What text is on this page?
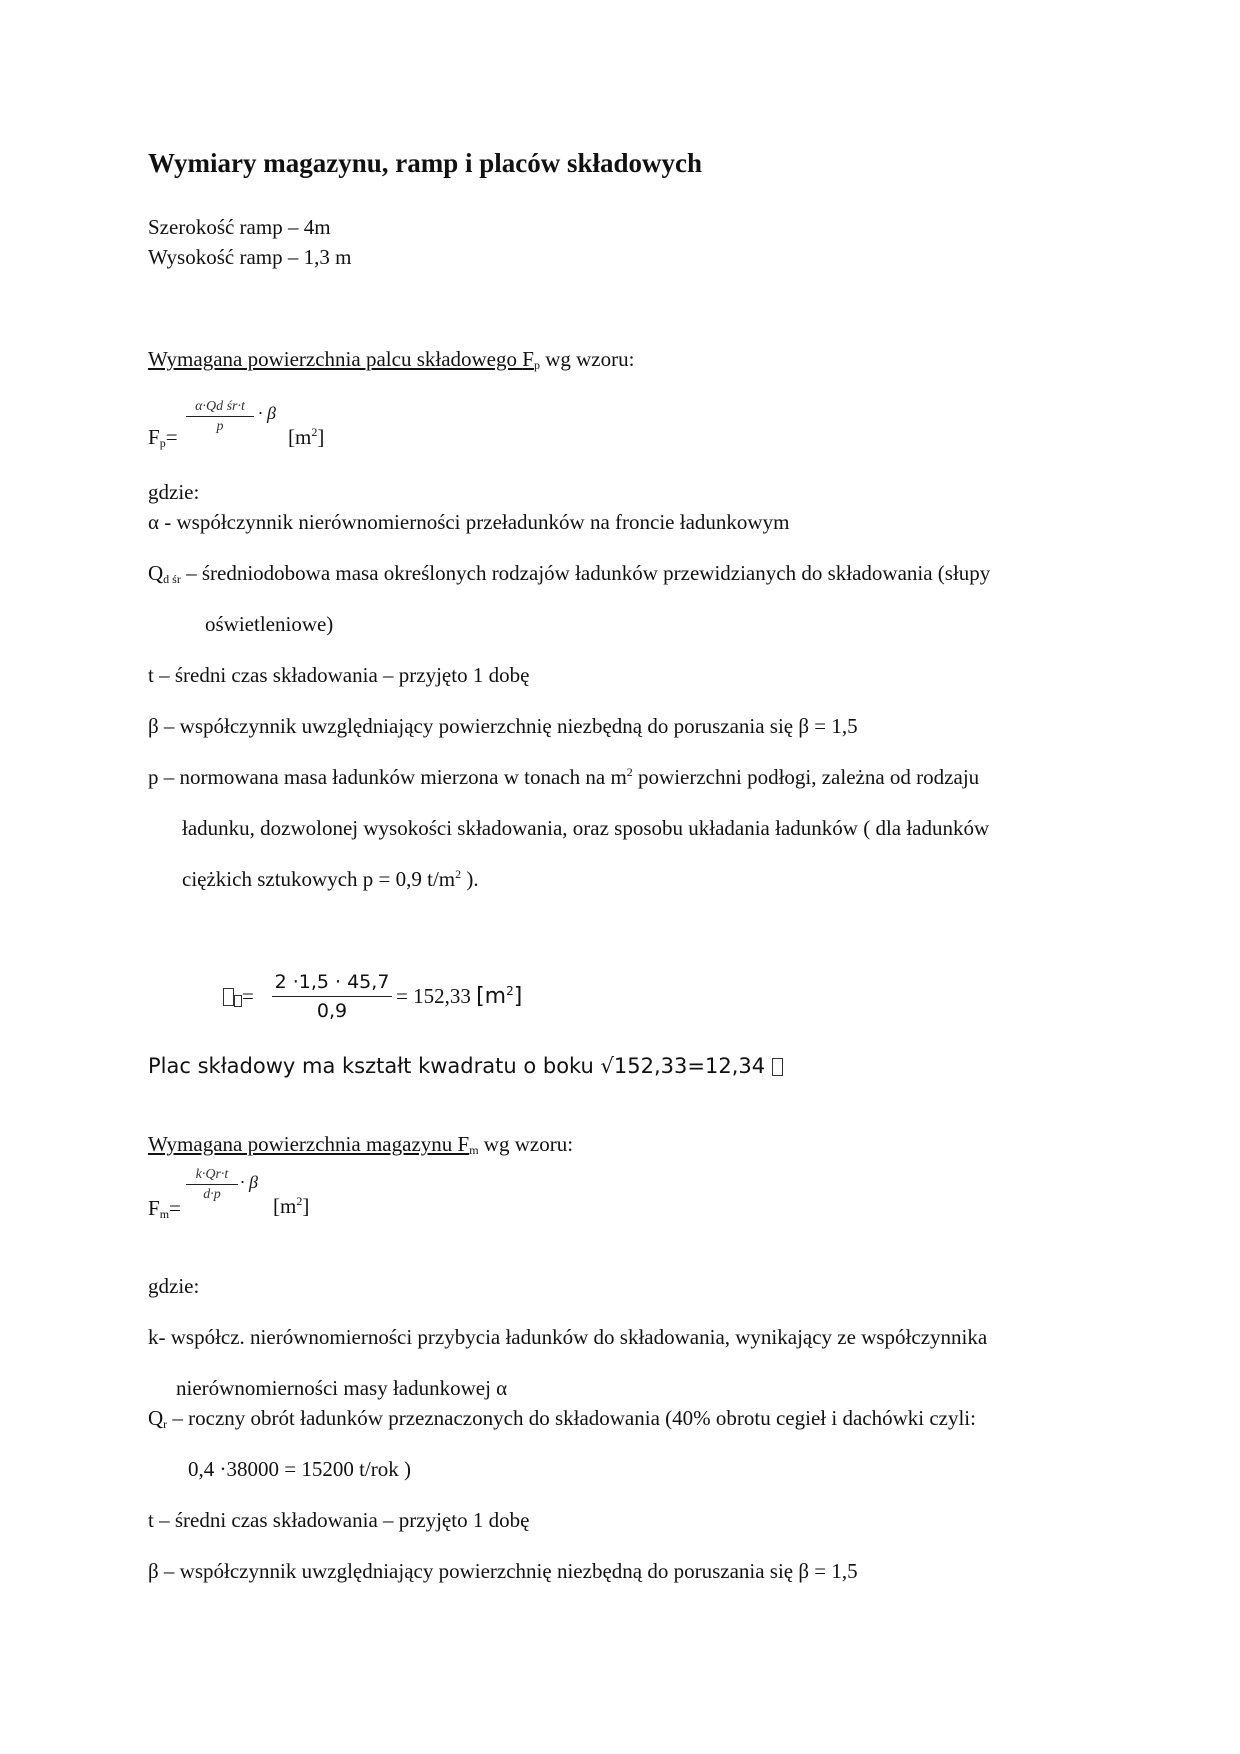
Wymiary magazynu, ramp i placów składowych
Szerokość ramp – 4m
Wysokość ramp – 1,3 m
Wymagana powierzchnia palcu składowego $F_p$ wg wzoru:
$F_p=$
α·Qd śr·t
p
· β
$[m^2]$
gdzie:
α - współczynnik nierównomierności przeładunków na froncie ładunkowym
$Q_{d śr}$ – średniodobowa masa określonych rodzajów ładunków przewidzianych do składowania (słupy
oświetleniowe)
t – średni czas składowania – przyjęto 1 dobę
β – współczynnik uwzględniający powierzchnię niezbędną do poruszania się β = 1,5
p – normowana masa ładunków mierzona w tonach na $m^2$ powierzchni podłogi, zależna od rodzaju
ładunku, dozwolonej wysokości składowania, oraz sposobu układania ładunków ( dla ładunków
ciężkich sztukowych p = 0,9 $t/m^2$ ).
=
2 ·1,5 · 45,7
0,9
= 152,33 $[m^2]$
Plac składowy ma kształt kwadratu o boku √152,33=12,34
Wymagana powierzchnia magazynu $F_m$ wg wzoru:
$F_m=$
k·Qr·t
d·p
· β
$[m^2]$
gdzie:
k- współcz. nierównomierności przybycia ładunków do składowania, wynikający ze współczynnika
nierównomierności masy ładunkowej α
$Q_r$ – roczny obrót ładunków przeznaczonych do składowania (40% obrotu cegieł i dachówki czyli:
0,4 ·38000 = 15200 t/rok )
t – średni czas składowania – przyjęto 1 dobę
β – współczynnik uwzględniający powierzchnię niezbędną do poruszania się β = 1,5
